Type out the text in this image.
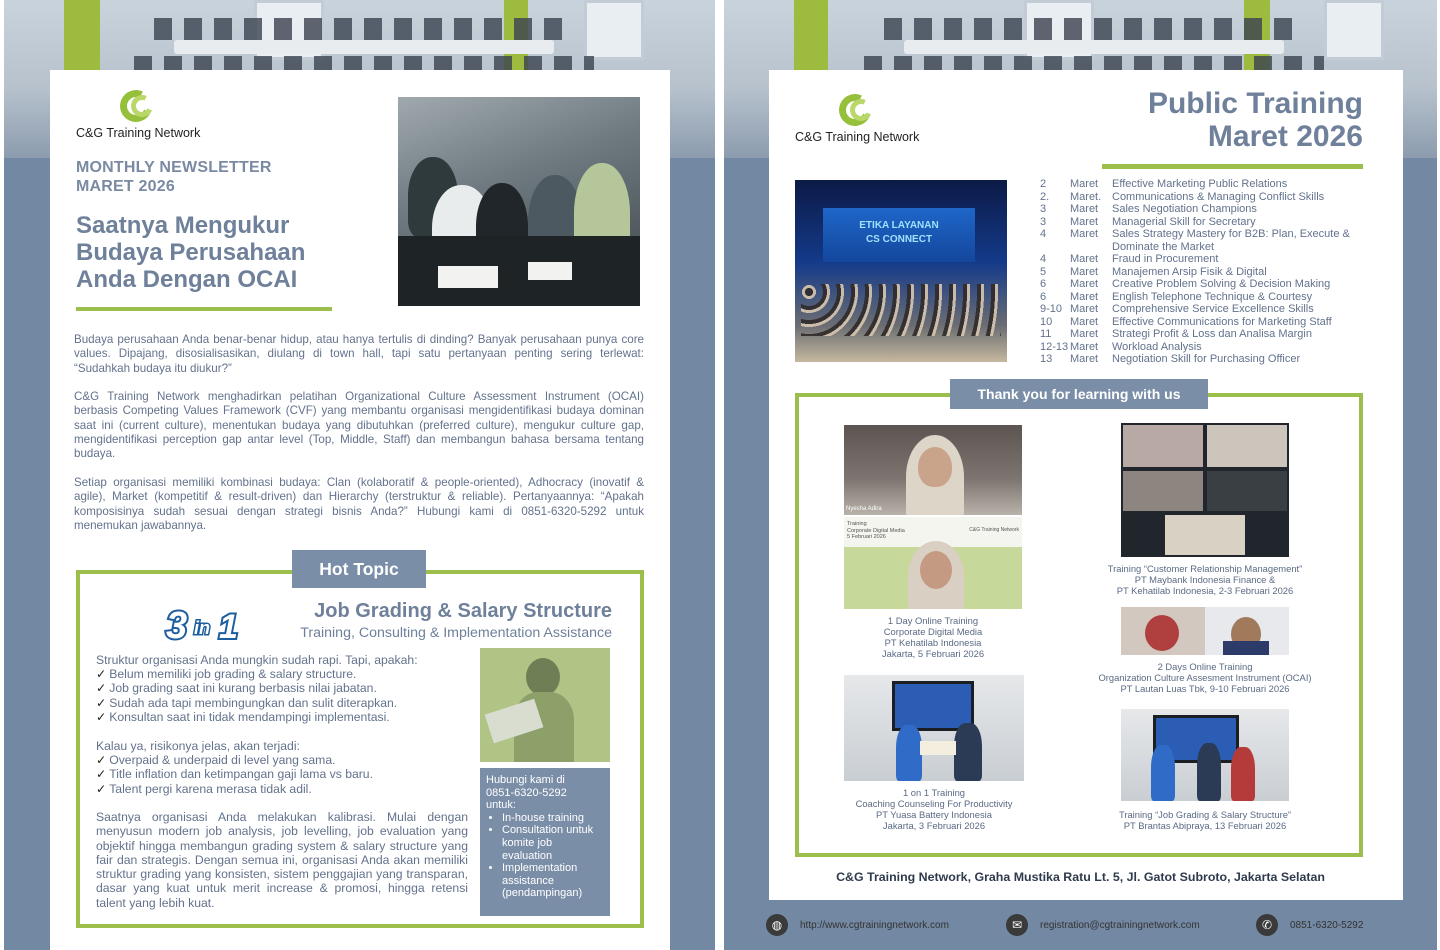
C&G Training Network
MONTHLY NEWSLETTER
MARET 2026
Saatnya Mengukur
Budaya Perusahaan
Anda Dengan OCAI

Budaya perusahaan Anda benar-benar hidup, atau hanya tertulis di dinding? Banyak perusahaan punya core values. Dipajang, disosialisasikan, diulang di town hall, tapi satu pertanyaan penting sering terlewat: “Sudahkah budaya itu diukur?”

C&G Training Network menghadirkan pelatihan Organizational Culture Assessment Instrument (OCAI) berbasis Competing Values Framework (CVF) yang membantu organisasi mengidentifikasi budaya dominan saat ini (current culture), menentukan budaya yang dibutuhkan (preferred culture), mengukur culture gap, mengidentifikasi perception gap antar level (Top, Middle, Staff) dan membangun bahasa bersama tentang budaya.

Setiap organisasi memiliki kombinasi budaya: Clan (kolaboratif & people-oriented), Adhocracy (inovatif & agile), Market (kompetitif & result-driven) dan Hierarchy (terstruktur & reliable). Pertanyaannya: “Apakah komposisinya sudah sesuai dengan strategi bisnis Anda?” Hubungi kami di 0851-6320-5292 untuk menemukan jawabannya.

3 in 1	Job Grading & Salary Structure
Training, Consulting & Implementation Assistance
Struktur organisasi Anda mungkin sudah rapi. Tapi, apakah:
✓ Belum memiliki job grading & salary structure.
✓ Job grading saat ini kurang berbasis nilai jabatan.
✓ Sudah ada tapi membingungkan dan sulit diterapkan.
✓ Konsultan saat ini tidak mendampingi implementasi.
Kalau ya, risikonya jelas, akan terjadi:
✓ Overpaid & underpaid di level yang sama.
✓ Title inflation dan ketimpangan gaji lama vs baru.
✓ Talent pergi karena merasa tidak adil.

Saatnya organisasi Anda melakukan kalibrasi. Mulai dengan menyusun modern job analysis, job levelling, job evaluation yang objektif hingga membangun grading system & salary structure yang fair dan strategis. Dengan semua ini, organisasi Anda akan memiliki struktur grading yang konsisten, sistem penggajian yang transparan, dasar yang kuat untuk merit increase & promosi, hingga retensi talent yang lebih kuat.

Hubungi kami di
0851-6320-5292
untuk:
• In-house training
• Consultation untuk komite job evaluation
• Implementation assistance (pendampingan)
Hot Topic
C&G Training Network
Public Training
Maret 2026
ETIKA LAYANAN
CS CONNECT
2	Maret	Effective Marketing Public Relations
2.	Maret. Communications & Managing Conflict Skills
3	Maret	Sales Negotiation Champions
3	Maret	Managerial Skill for Secretary
4	Maret	Sales Strategy Mastery for B2B: Plan, Execute & Dominate the Market
4	Maret	Fraud in Procurement
5	Maret	Manajemen Arsip Fisik & Digital
6	Maret	Creative Problem Solving & Decision Making
6	Maret	English Telephone Technique & Courtesy
9-10 Maret	Comprehensive Service Excellence Skills
10	Maret	Effective Communications for Marketing Staff
11	Maret	Strategi Profit & Loss dan Analisa Margin
12-13 Maret	Workload Analysis
13	Maret	Negotiation Skill for Purchasing Officer
Nyesha Adira
Training
Corporate Digital Media
5 Februari 2026
C&G Training Network
1 Day Online Training
Corporate Digital Media
PT Kehatilab Indonesia
Jakarta, 5 Februari 2026
Training “Customer Relationship Management”
PT Maybank Indonesia Finance &
PT Kehatilab Indonesia, 2-3 Februari 2026
2 Days Online Training
Organization Culture Assesment Instrument (OCAI)
PT Lautan Luas Tbk, 9-10 Februari 2026
1 on 1 Training
Coaching Counseling For Productivity
PT Yuasa Battery Indonesia
Jakarta, 3 Februari 2026
Training “Job Grading & Salary Structure”
PT Brantas Abipraya, 13 Februari 2026
Thank you for learning with us
C&G Training Network, Graha Mustika Ratu Lt. 5, Jl. Gatot Subroto, Jakarta Selatan
◍	http://www.cgtrainingnetwork.com	✉	registration@cgtrainingnetwork.com	✆	0851-6320-5292
